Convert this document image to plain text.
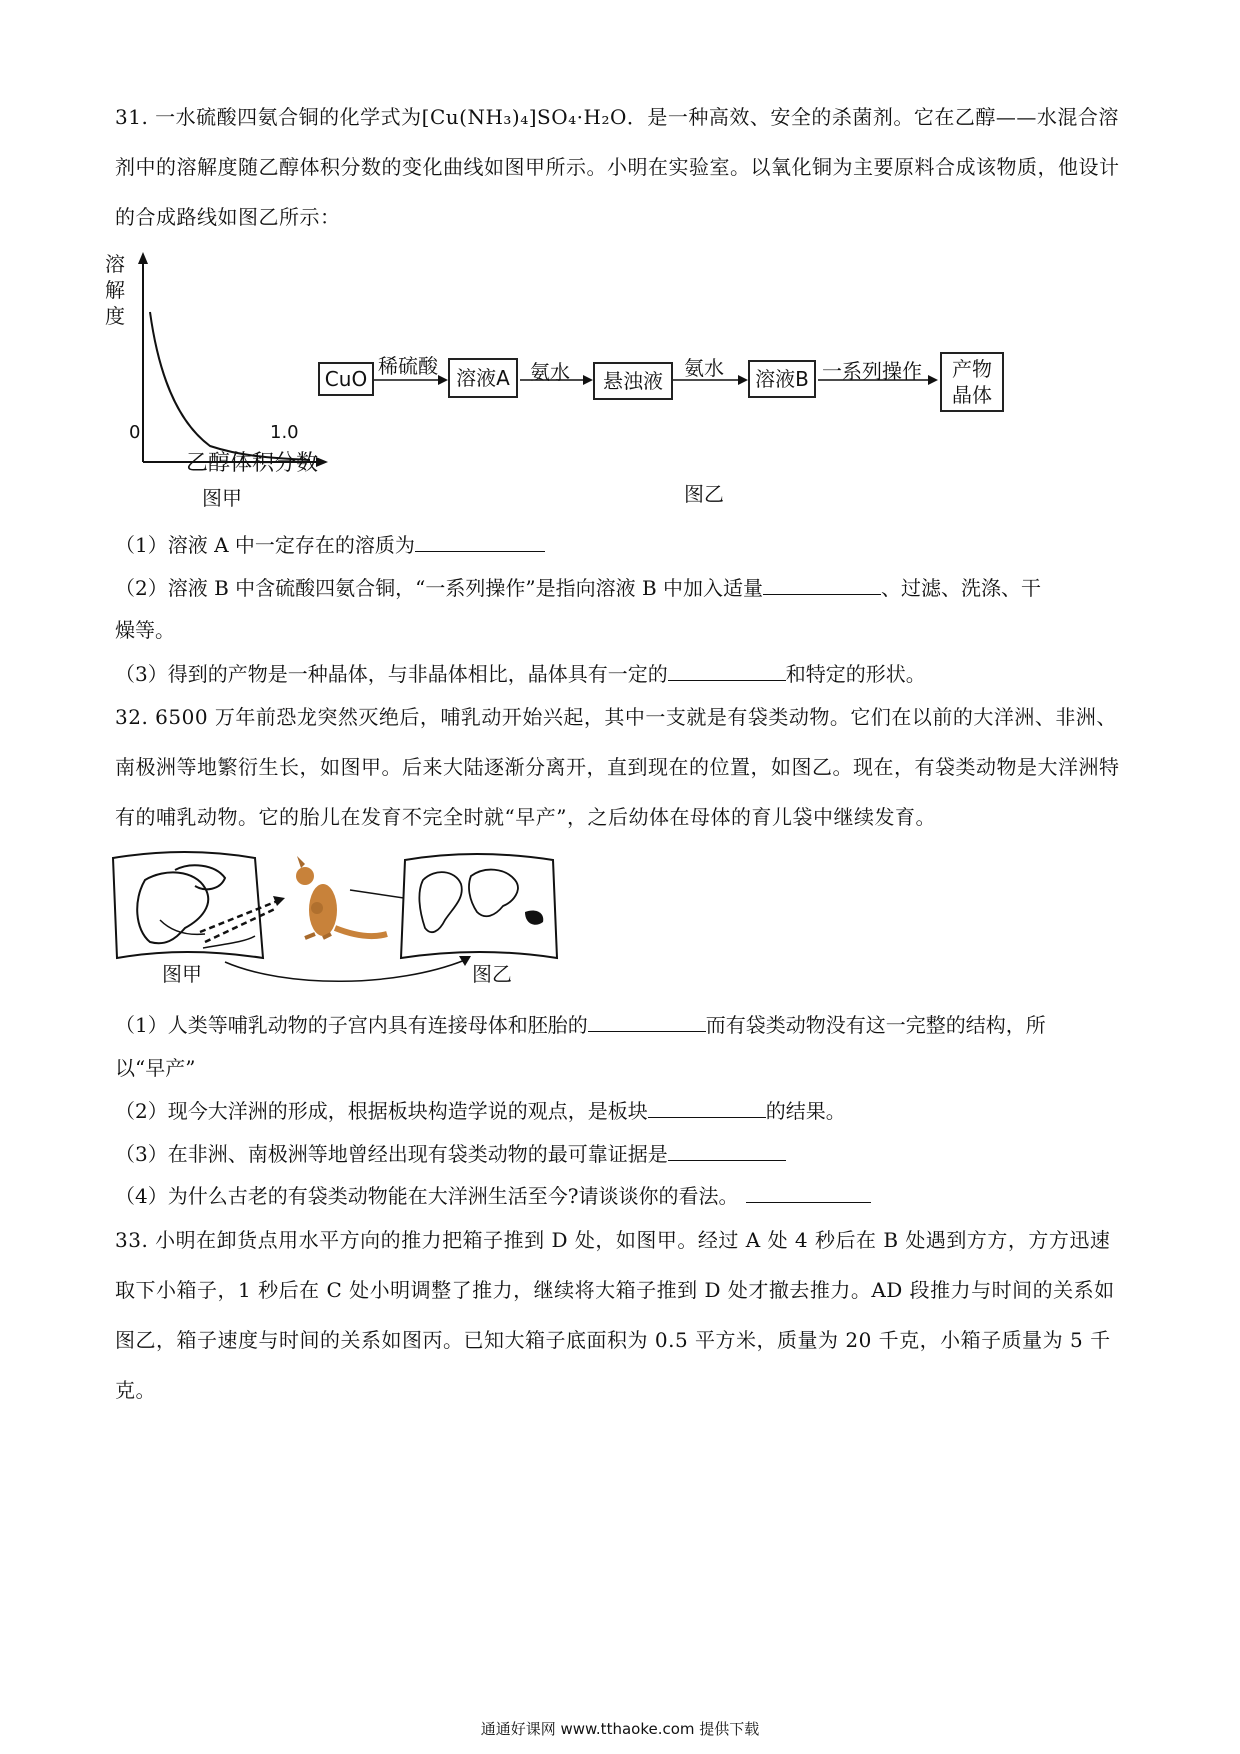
31. 一水硫酸四氨合铜的化学式为[Cu(NH₃)₄]SO₄·H₂O．是一种高效、安全的杀菌剂。它在乙醇——水混合溶剂中的溶解度随乙醇体积分数的变化曲线如图甲所示。小明在实验室。以氧化铜为主要原料合成该物质，他设计的合成路线如图乙所示：
溶
解
度
0	1.0
乙醇体积分数
图甲
CuO
稀硫酸 溶液A	氨水	悬浊液
氨水	溶液B 一系列操作 产物
晶体
图乙
（1）溶液 A 中一定存在的溶质为
（2）溶液 B 中含硫酸四氨合铜，“一系列操作”是指向溶液 B 中加入适量	、过滤、洗涤、干
燥等。
（3）得到的产物是一种晶体，与非晶体相比，晶体具有一定的	和特定的形状。
32. 6500 万年前恐龙突然灭绝后，哺乳动开始兴起，其中一支就是有袋类动物。它们在以前的大洋洲、非洲、南极洲等地繁衍生长，如图甲。后来大陆逐渐分离开，直到现在的位置，如图乙。现在，有袋类动物是大洋洲特有的哺乳动物。它的胎儿在发育不完全时就“早产”，之后幼体在母体的育儿袋中继续发育。
图甲	图乙
（1）人类等哺乳动物的子宫内具有连接母体和胚胎的	而有袋类动物没有这一完整的结构，所
以“早产”
（2）现今大洋洲的形成，根据板块构造学说的观点，是板块	的结果。
（3）在非洲、南极洲等地曾经出现有袋类动物的最可靠证据是
（4）为什么古老的有袋类动物能在大洋洲生活至今?请谈谈你的看法。
33. 小明在卸货点用水平方向的推力把箱子推到 D 处，如图甲。经过 A 处 4 秒后在 B 处遇到方方，方方迅速取下小箱子，1 秒后在 C 处小明调整了推力，继续将大箱子推到 D 处才撤去推力。AD 段推力与时间的关系如图乙，箱子速度与时间的关系如图丙。已知大箱子底面积为 0.5 平方米，质量为 20 千克，小箱子质量为 5 千克。
通通好课网 www.tthaoke.com 提供下载
